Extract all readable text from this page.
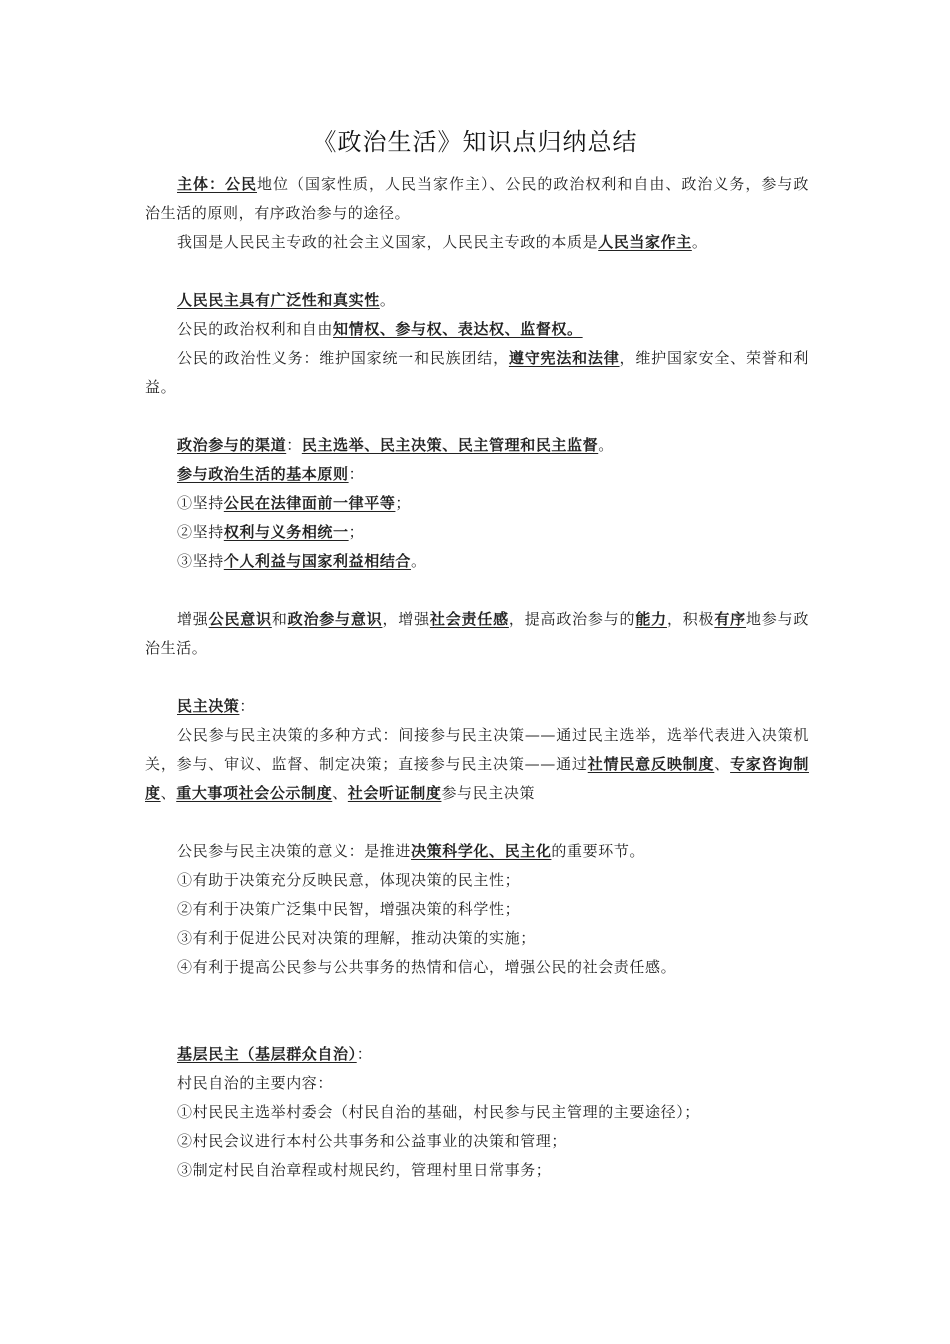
《政治生活》知识点归纳总结

主体：公民地位（国家性质，人民当家作主）、公民的政治权利和自由、政治义务，参与政治生活的原则，有序政治参与的途径。

我国是人民民主专政的社会主义国家，人民民主专政的本质是人民当家作主。

人民民主具有广泛性和真实性。

公民的政治权利和自由知情权、参与权、表达权、监督权。

公民的政治性义务：维护国家统一和民族团结，遵守宪法和法律，维护国家安全、荣誉和利益。

政治参与的渠道：民主选举、民主决策、民主管理和民主监督。

参与政治生活的基本原则：

①坚持公民在法律面前一律平等；

②坚持权利与义务相统一；

③坚持个人利益与国家利益相结合。

增强公民意识和政治参与意识，增强社会责任感，提高政治参与的能力，积极有序地参与政治生活。

民主决策：

公民参与民主决策的多种方式：间接参与民主决策——通过民主选举，选举代表进入决策机关，参与、审议、监督、制定决策；直接参与民主决策——通过社情民意反映制度、专家咨询制度、重大事项社会公示制度、社会听证制度参与民主决策

公民参与民主决策的意义：是推进决策科学化、民主化的重要环节。

①有助于决策充分反映民意，体现决策的民主性；

②有利于决策广泛集中民智，增强决策的科学性；

③有利于促进公民对决策的理解，推动决策的实施；

④有利于提高公民参与公共事务的热情和信心，增强公民的社会责任感。

基层民主（基层群众自治）：

村民自治的主要内容：

①村民民主选举村委会（村民自治的基础，村民参与民主管理的主要途径）；

②村民会议进行本村公共事务和公益事业的决策和管理；

③制定村民自治章程或村规民约，管理村里日常事务；
